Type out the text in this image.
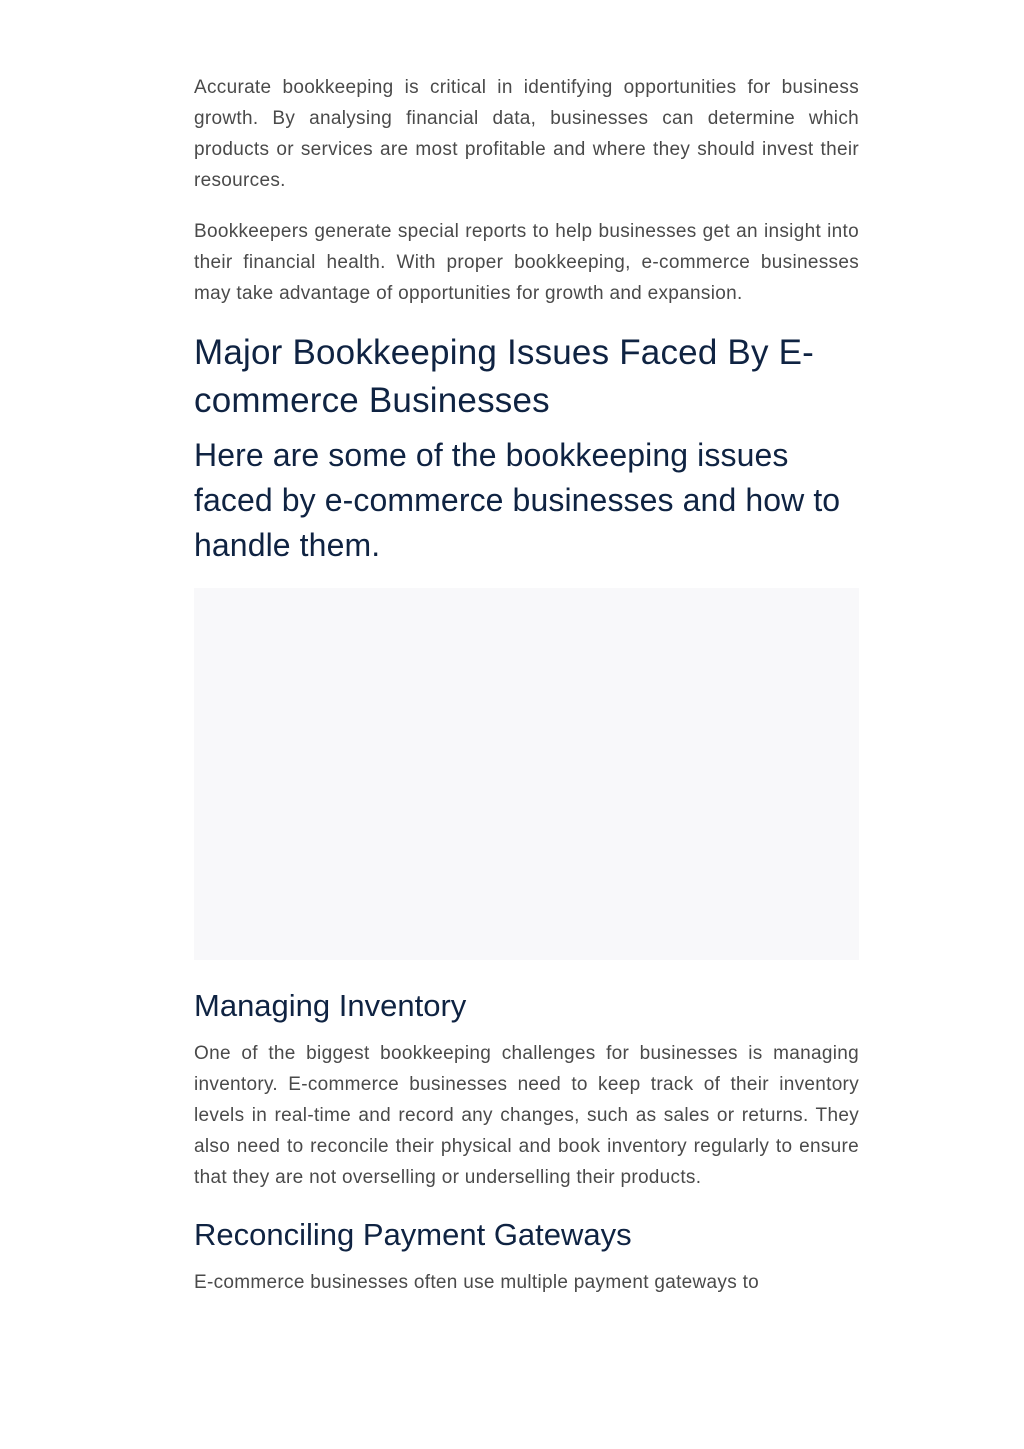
Accurate bookkeeping is critical in identifying opportunities for business growth. By analysing financial data, businesses can determine which products or services are most profitable and where they should invest their resources.

Bookkeepers generate special reports to help businesses get an insight into their financial health. With proper bookkeeping, e-commerce businesses may take advantage of opportunities for growth and expansion.

Major Bookkeeping Issues Faced By E-commerce Businesses
Here are some of the bookkeeping issues faced by e-commerce businesses and how to handle them.
Managing Inventory

One of the biggest bookkeeping challenges for businesses is managing inventory. E-commerce businesses need to keep track of their inventory levels in real-time and record any changes, such as sales or returns. They also need to reconcile their physical and book inventory regularly to ensure that they are not overselling or underselling their products.

Reconciling Payment Gateways

E-commerce businesses often use multiple payment gateways to
